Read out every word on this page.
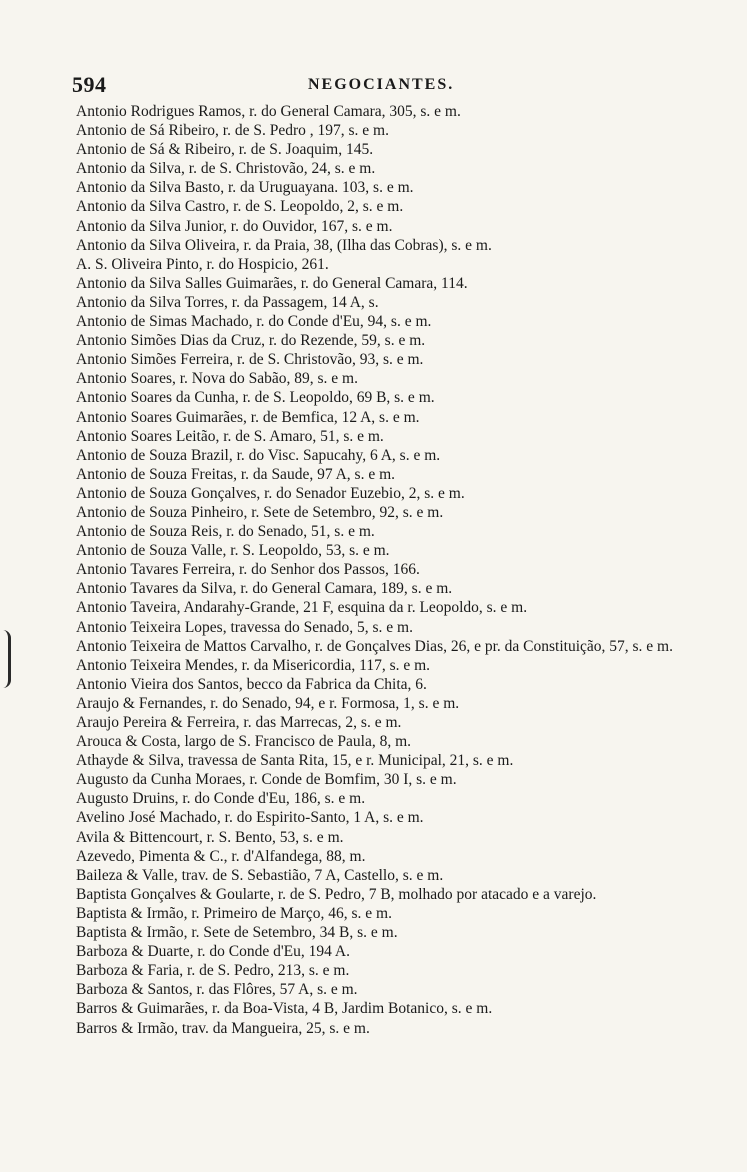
594	NEGOCIANTES.
Antonio Rodrigues Ramos, r. do General Camara, 305, s. e m.
Antonio de Sá Ribeiro, r. de S. Pedro , 197, s. e m.
Antonio de Sá & Ribeiro, r. de S. Joaquim, 145.
Antonio da Silva, r. de S. Christovão, 24, s. e m.
Antonio da Silva Basto, r. da Uruguayana. 103, s. e m.
Antonio da Silva Castro, r. de S. Leopoldo, 2, s. e m.
Antonio da Silva Junior, r. do Ouvidor, 167, s. e m.
Antonio da Silva Oliveira, r. da Praia, 38, (Ilha das Cobras), s. e m.
A. S. Oliveira Pinto, r. do Hospicio, 261.
Antonio da Silva Salles Guimarães, r. do General Camara, 114.
Antonio da Silva Torres, r. da Passagem, 14 A, s.
Antonio de Simas Machado, r. do Conde d'Eu, 94, s. e m.
Antonio Simões Dias da Cruz, r. do Rezende, 59, s. e m.
Antonio Simões Ferreira, r. de S. Christovão, 93, s. e m.
Antonio Soares, r. Nova do Sabão, 89, s. e m.
Antonio Soares da Cunha, r. de S. Leopoldo, 69 B, s. e m.
Antonio Soares Guimarães, r. de Bemfica, 12 A, s. e m.
Antonio Soares Leitão, r. de S. Amaro, 51, s. e m.
Antonio de Souza Brazil, r. do Visc. Sapucahy, 6 A, s. e m.
Antonio de Souza Freitas, r. da Saude, 97 A, s. e m.
Antonio de Souza Gonçalves, r. do Senador Euzebio, 2, s. e m.
Antonio de Souza Pinheiro, r. Sete de Setembro, 92, s. e m.
Antonio de Souza Reis, r. do Senado, 51, s. e m.
Antonio de Souza Valle, r. S. Leopoldo, 53, s. e m.
Antonio Tavares Ferreira, r. do Senhor dos Passos, 166.
Antonio Tavares da Silva, r. do General Camara, 189, s. e m.
Antonio Taveira, Andarahy-Grande, 21 F, esquina da r. Leopoldo, s. e m.
Antonio Teixeira Lopes, travessa do Senado, 5, s. e m.
Antonio Teixeira de Mattos Carvalho, r. de Gonçalves Dias, 26, e pr. da Constituição, 57, s. e m.
Antonio Teixeira Mendes, r. da Misericordia, 117, s. e m.
Antonio Vieira dos Santos, becco da Fabrica da Chita, 6.
Araujo & Fernandes, r. do Senado, 94, e r. Formosa, 1, s. e m.
Araujo Pereira & Ferreira, r. das Marrecas, 2, s. e m.
Arouca & Costa, largo de S. Francisco de Paula, 8, m.
Athayde & Silva, travessa de Santa Rita, 15, e r. Municipal, 21, s. e m.
Augusto da Cunha Moraes, r. Conde de Bomfim, 30 I, s. e m.
Augusto Druins, r. do Conde d'Eu, 186, s. e m.
Avelino José Machado, r. do Espirito-Santo, 1 A, s. e m.
Avila & Bittencourt, r. S. Bento, 53, s. e m.
Azevedo, Pimenta & C., r. d'Alfandega, 88, m.
Baileza & Valle, trav. de S. Sebastião, 7 A, Castello, s. e m.
Baptista Gonçalves & Goularte, r. de S. Pedro, 7 B, molhado por atacado e a varejo.
Baptista & Irmão, r. Primeiro de Março, 46, s. e m.
Baptista & Irmão, r. Sete de Setembro, 34 B, s. e m.
Barboza & Duarte, r. do Conde d'Eu, 194 A.
Barboza & Faria, r. de S. Pedro, 213, s. e m.
Barboza & Santos, r. das Flôres, 57 A, s. e m.
Barros & Guimarães, r. da Boa-Vista, 4 B, Jardim Botanico, s. e m.
Barros & Irmão, trav. da Mangueira, 25, s. e m.
